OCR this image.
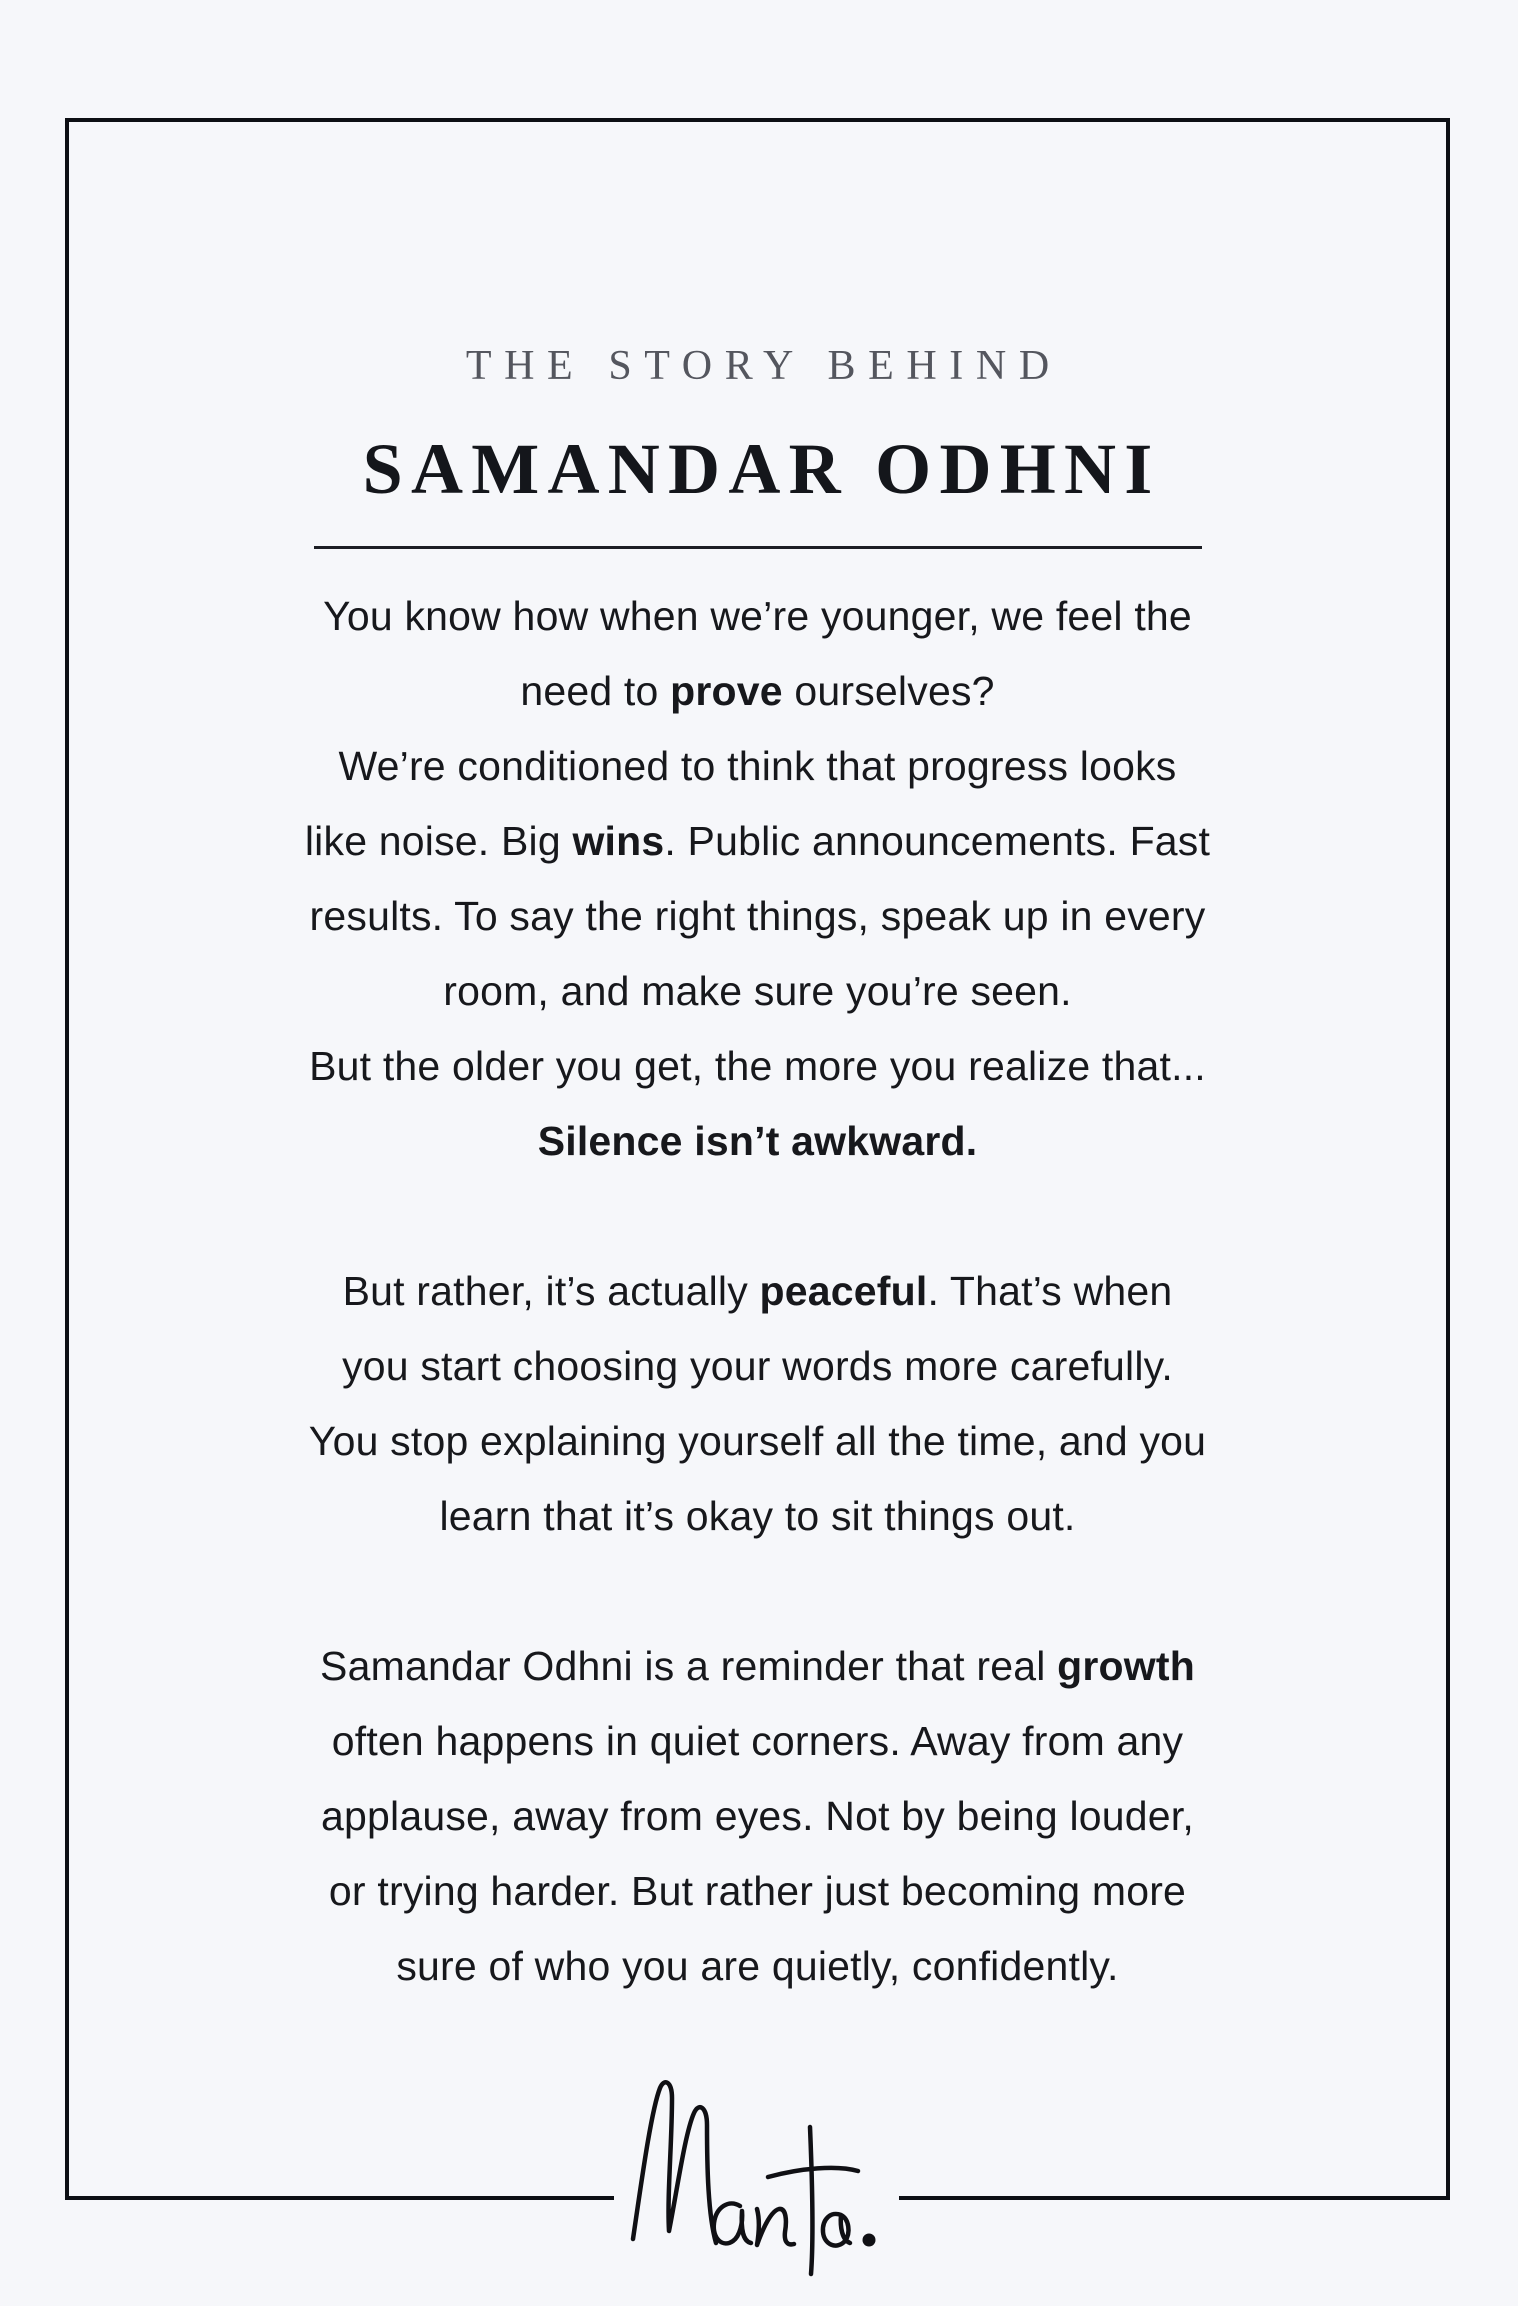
THE STORY BEHIND
SAMANDAR ODHNI
You know how when we’re younger, we feel the
need to prove ourselves?
We’re conditioned to think that progress looks
like noise. Big wins. Public announcements. Fast
results. To say the right things, speak up in every
room, and make sure you’re seen.
But the older you get, the more you realize that...
Silence isn’t awkward.
But rather, it’s actually peaceful. That’s when
you start choosing your words more carefully.
You stop explaining yourself all the time, and you
learn that it’s okay to sit things out.
Samandar Odhni is a reminder that real growth
often happens in quiet corners. Away from any
applause, away from eyes. Not by being louder,
or trying harder. But rather just becoming more
sure of who you are quietly, confidently.
